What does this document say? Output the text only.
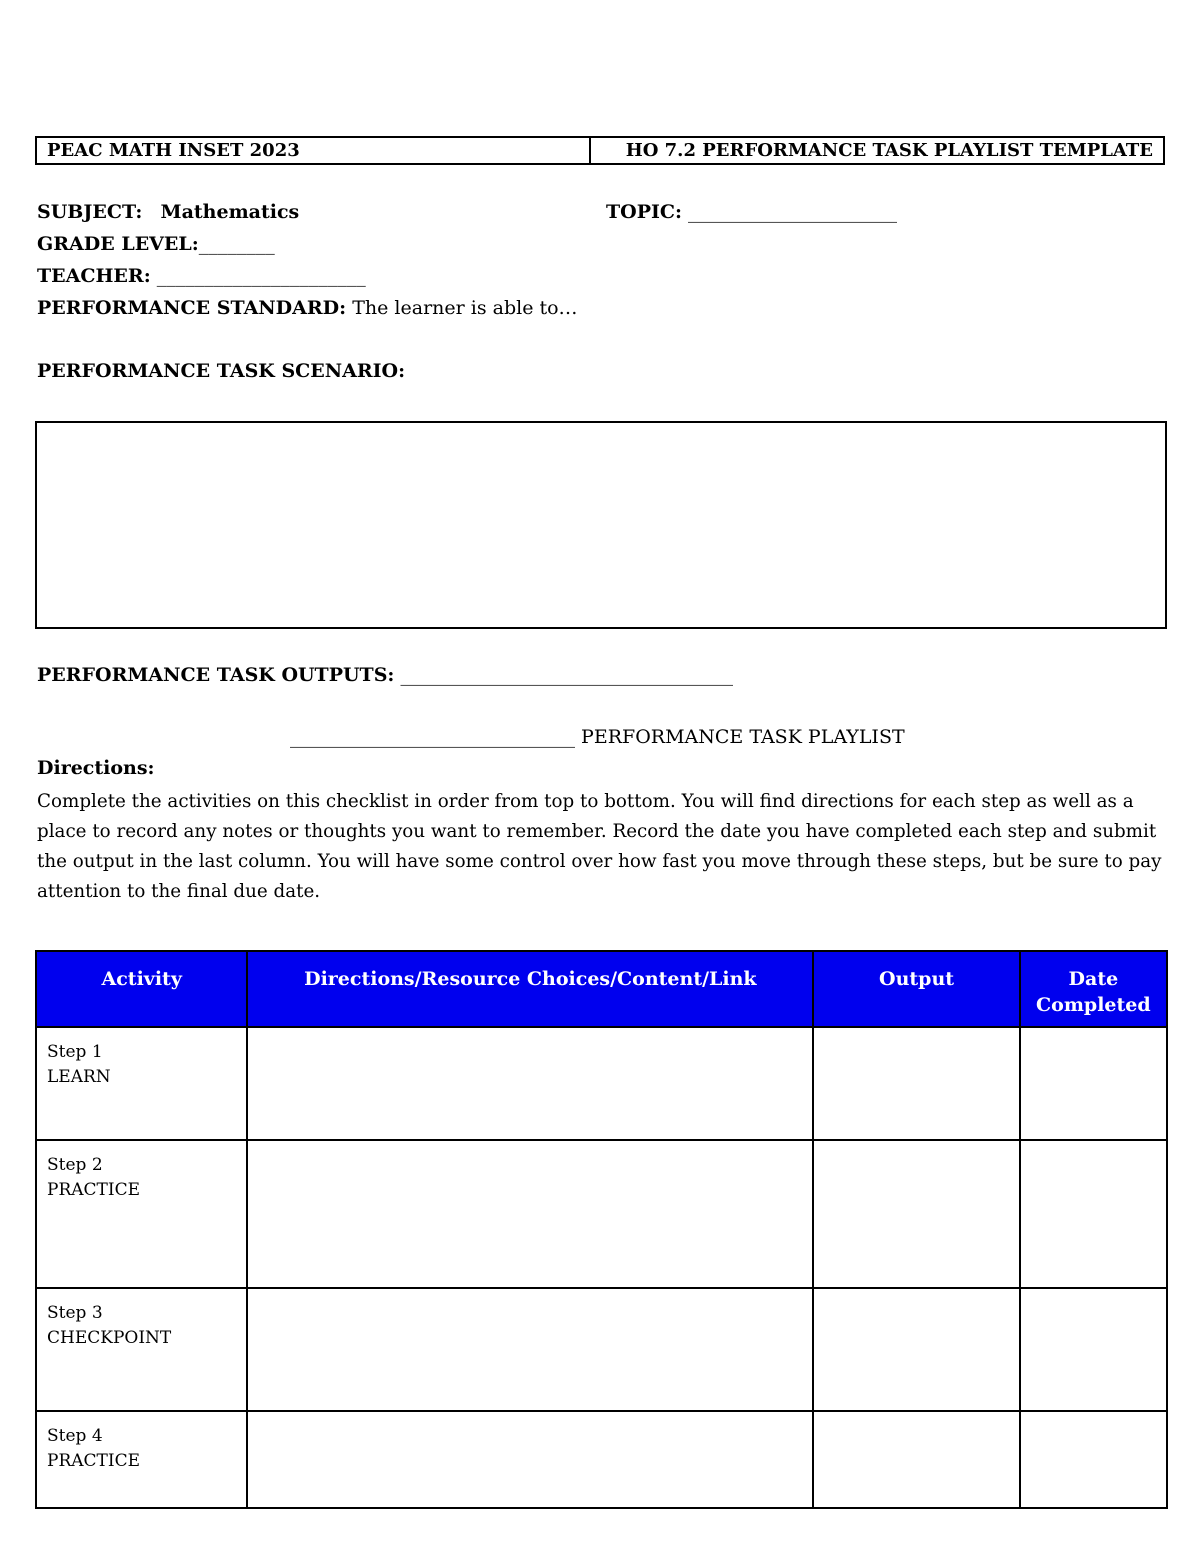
PEAC MATH INSET 2023	HO 7.2 PERFORMANCE TASK PLAYLIST TEMPLATE
SUBJECT: Mathematics	TOPIC: ______________________
GRADE LEVEL:________
TEACHER: ______________________
PERFORMANCE STANDARD: The learner is able to…
PERFORMANCE TASK SCENARIO:
PERFORMANCE TASK OUTPUTS: ___________________________________
______________________________ PERFORMANCE TASK PLAYLIST
Directions:

Complete the activities on this checklist in order from top to bottom. You will find directions for each step as well as a place to record any notes or thoughts you want to remember. Record the date you have completed each step and submit the output in the last column. You will have some control over how fast you move through these steps, but be sure to pay attention to the final due date.

Activity	Directions/Resource Choices/Content/Link	Output	Date Completed

Step 1
LEARN			

Step 2
PRACTICE			

Step 3
CHECKPOINT			

Step 4
PRACTICE			
